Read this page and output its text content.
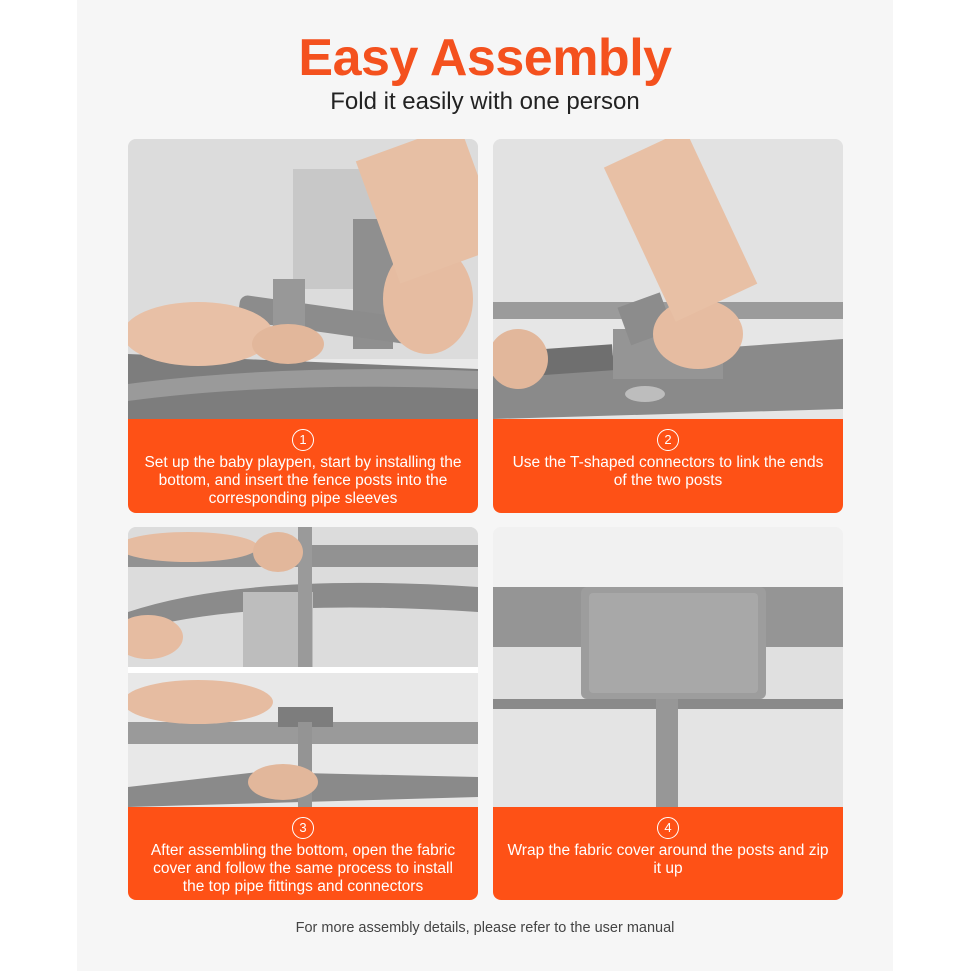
Easy Assembly
Fold it easily with one person
1
Set up the baby playpen, start by installing the bottom, and insert the fence posts into the corresponding pipe sleeves
2
Use the T-shaped connectors to link the ends of the two posts
3
After assembling the bottom, open the fabric cover and follow the same process to install the top pipe fittings and connectors
4
Wrap the fabric cover around the posts and zip it up
For more assembly details, please refer to the user manual
